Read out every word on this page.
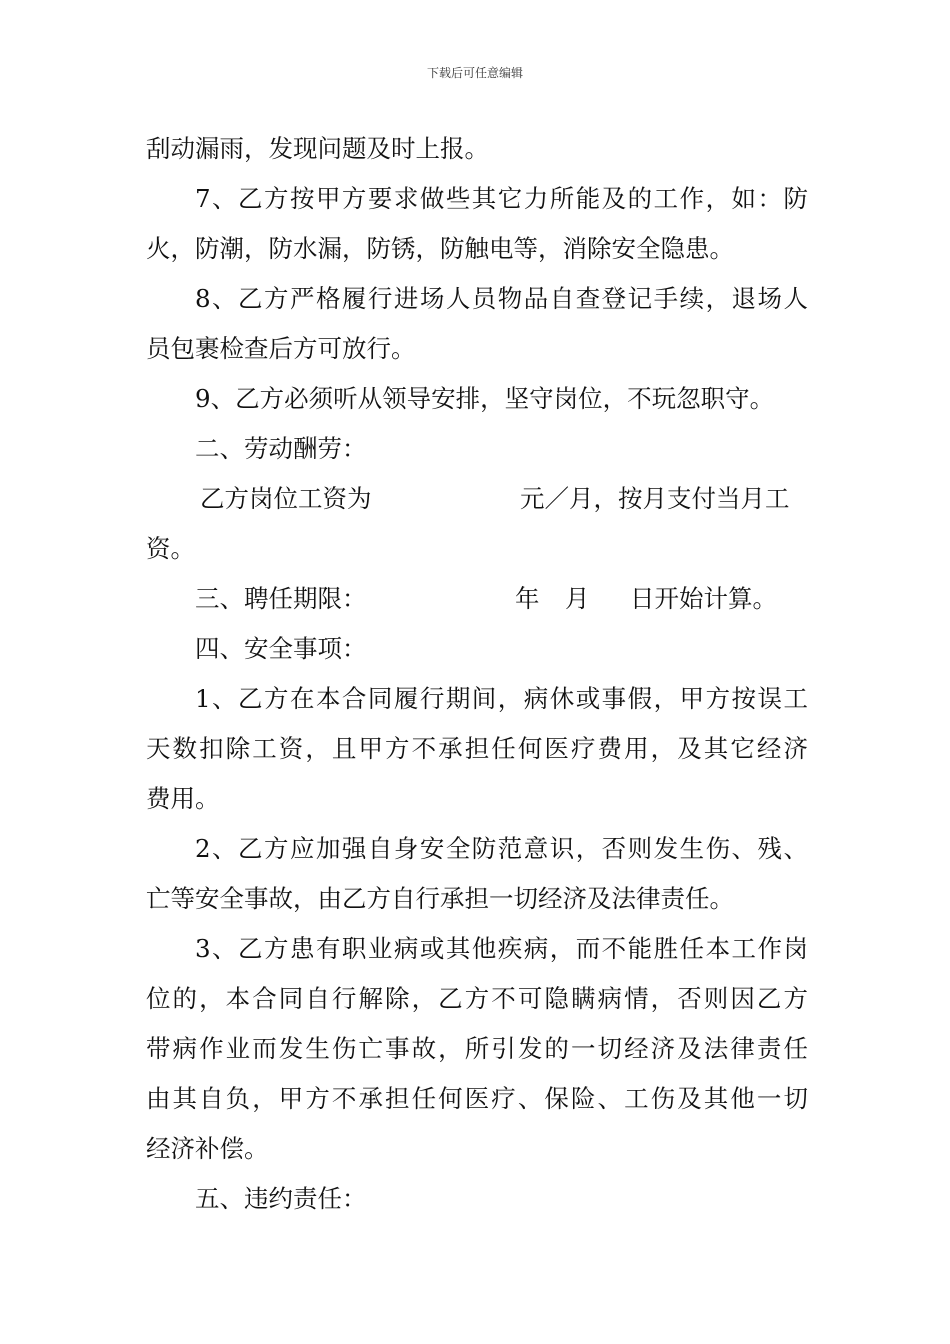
下载后可任意编辑
刮动漏雨，发现问题及时上报。
7、乙方按甲方要求做些其它力所能及的工作，如：防
火，防潮，防水漏，防锈，防触电等，消除安全隐患。
8、乙方严格履行进场人员物品自查登记手续，退场人
员包裹检查后方可放行。
9、乙方必须听从领导安排，坚守岗位，不玩忽职守。
二、劳动酬劳：
乙方岗位工资为	元／月，按月支付当月工
资。
三、聘任期限：	年 月 日开始计算。
四、安全事项：
1、乙方在本合同履行期间，病休或事假，甲方按误工
天数扣除工资，且甲方不承担任何医疗费用，及其它经济
费用。
2、乙方应加强自身安全防范意识，否则发生伤、残、
亡等安全事故，由乙方自行承担一切经济及法律责任。
3、乙方患有职业病或其他疾病，而不能胜任本工作岗
位的，本合同自行解除，乙方不可隐瞒病情，否则因乙方
带病作业而发生伤亡事故，所引发的一切经济及法律责任
由其自负，甲方不承担任何医疗、保险、工伤及其他一切
经济补偿。
五、违约责任：
